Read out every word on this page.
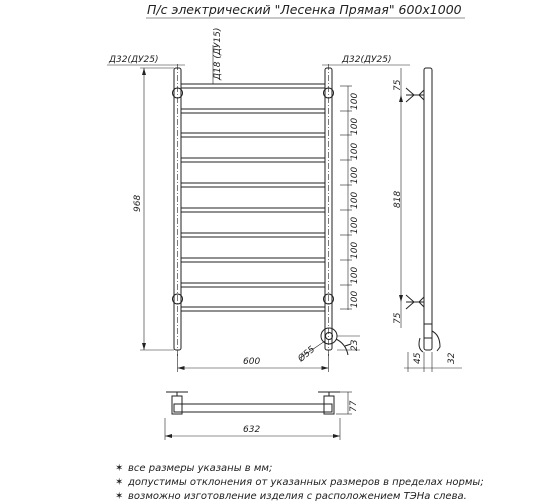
П/с электрический "Лесенка Прямая" 600х1000
Д32(ДУ25)	Д18 (ДУ15)	Д32(ДУ25)
968
100
100
100
100
100
100
100
100
100
Ø55	23
600
818
75
75
45	32
77
632
✶ все размеры указаны в мм;
✶ допустимы отклонения от указанных размеров в пределах нормы;
✶ возможно изготовление изделия с расположением ТЭНа слева.
